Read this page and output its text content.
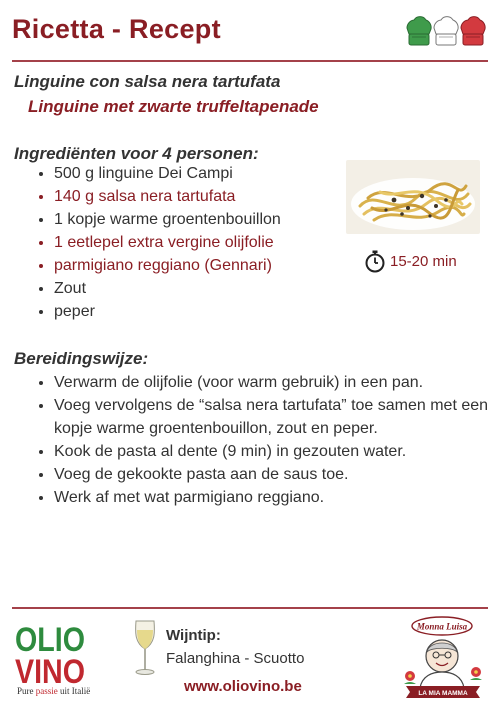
Ricetta - Recept
Linguine con salsa nera tartufata
Linguine met zwarte truffeltapenade
Ingrediënten voor 4 personen:
• 500 g linguine Dei Campi
• 140 g salsa nera tartufata
• 1 kopje warme groentenbouillon
• 1 eetlepel extra vergine olijfolie
• parmigiano reggiano (Gennari)
• Zout
• peper
15-20 min
Bereidingswijze:
• Verwarm de olijfolie (voor warm gebruik) in een pan.
• Voeg vervolgens de “salsa nera tartufata” toe samen met een kopje warme groentenbouillon, zout en peper.
• Kook de pasta al dente (9 min) in gezouten water.
• Voeg de gekookte pasta aan de saus toe.
• Werk af met wat parmigiano reggiano.
OLIO
VINO
Pure passie uit Italië
Wijntip:
Falanghina - Scuotto
www.oliovino.be
Monna Luisa
LA MIA MAMMA
